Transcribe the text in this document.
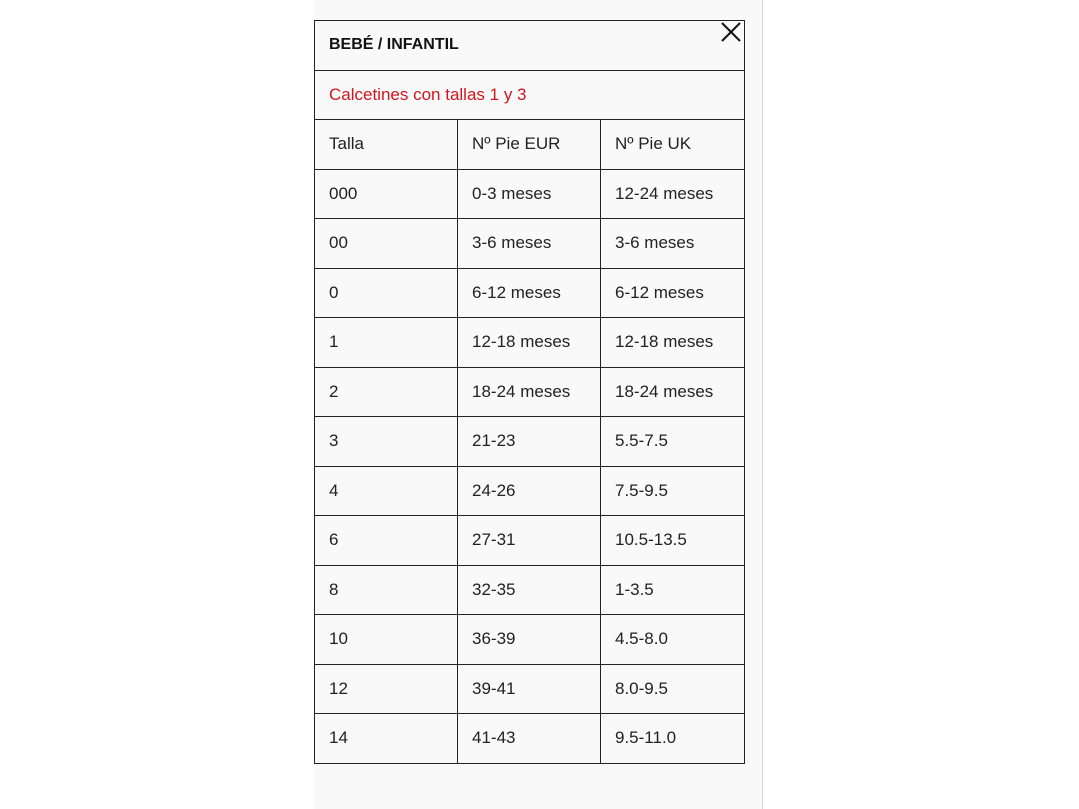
BEBÉ / INFANTIL		
Calcetines con tallas 1 y 3		
Talla	Nº Pie EUR	Nº Pie UK
000	0-3 meses	12-24 meses
00	3-6 meses	3-6 meses
0	6-12 meses	6-12 meses
1	12-18 meses	12-18 meses
2	18-24 meses	18-24 meses
3	21-23	5.5-7.5
4	24-26	7.5-9.5
6	27-31	10.5-13.5
8	32-35	1-3.5
10	36-39	4.5-8.0
12	39-41	8.0-9.5
14	41-43	9.5-11.0
